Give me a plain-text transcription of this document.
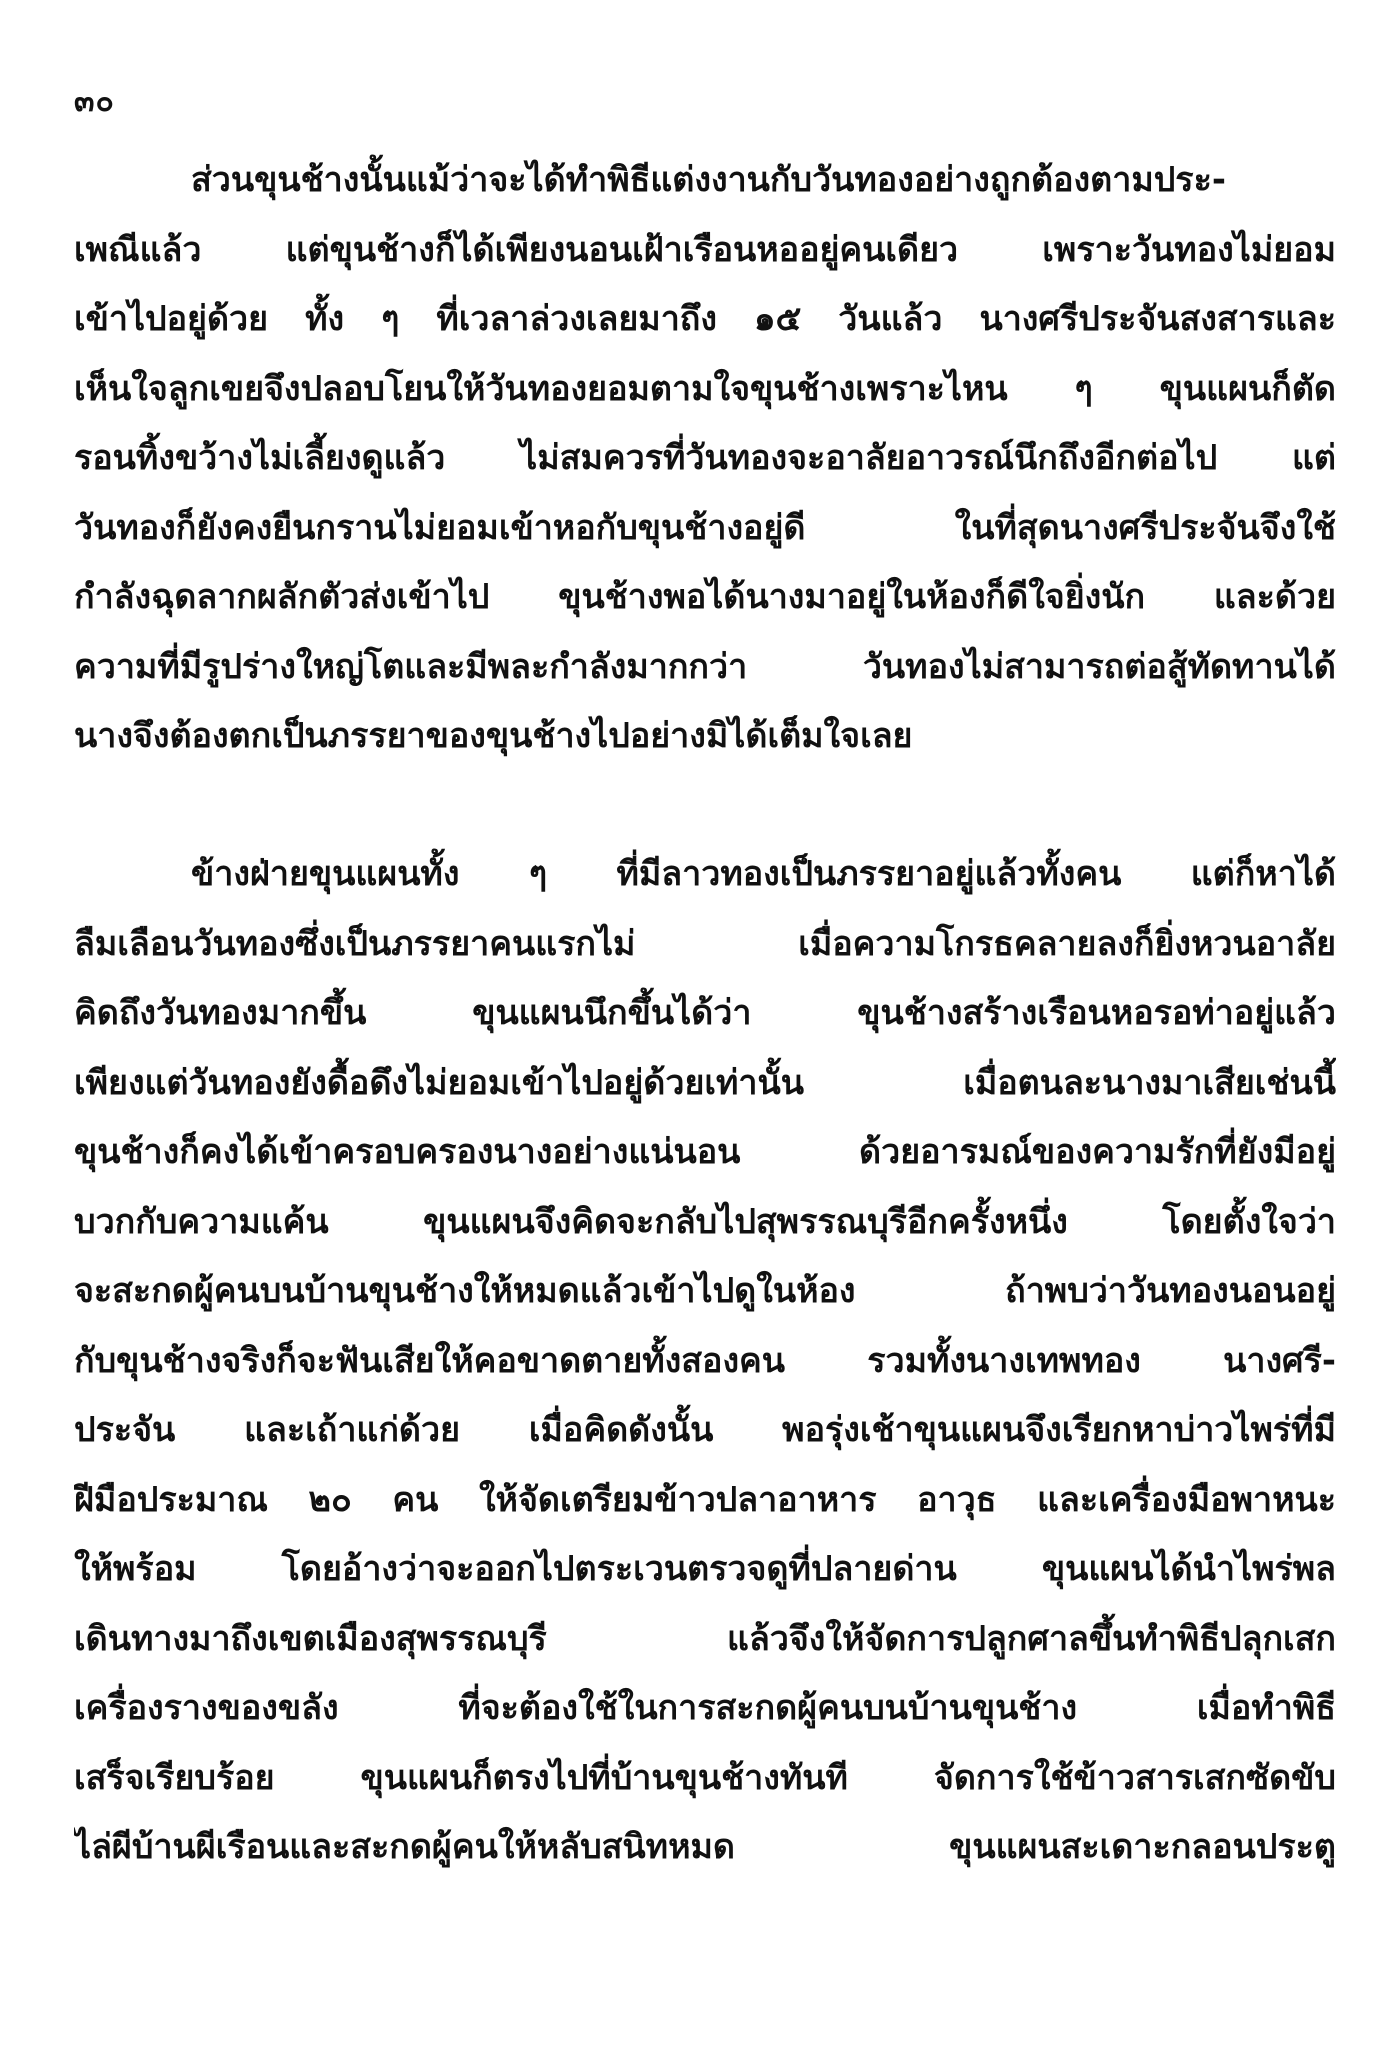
๓๐
ส่วนขุนช้างนั้นแม้ว่าจะได้ทำพิธีแต่งงานกับวันทองอย่างถูกต้องตามประ-
เพณีแล้ว แต่ขุนช้างก็ได้เพียงนอนเฝ้าเรือนหออยู่คนเดียว เพราะวันทองไม่ยอม
เข้าไปอยู่ด้วย ทั้ง ๆ ที่เวลาล่วงเลยมาถึง ๑๕ วันแล้ว นางศรีประจันสงสารและ
เห็นใจลูกเขยจึงปลอบโยนให้วันทองยอมตามใจขุนช้างเพราะไหน ๆ ขุนแผนก็ตัด
รอนทิ้งขว้างไม่เลี้ยงดูแล้ว ไม่สมควรที่วันทองจะอาลัยอาวรณ์นึกถึงอีกต่อไป แต่
วันทองก็ยังคงยืนกรานไม่ยอมเข้าหอกับขุนช้างอยู่ดี ในที่สุดนางศรีประจันจึงใช้
กำลังฉุดลากผลักตัวส่งเข้าไป ขุนช้างพอได้นางมาอยู่ในห้องก็ดีใจยิ่งนัก และด้วย
ความที่มีรูปร่างใหญ่โตและมีพละกำลังมากกว่า วันทองไม่สามารถต่อสู้ทัดทานได้
นางจึงต้องตกเป็นภรรยาของขุนช้างไปอย่างมิได้เต็มใจเลย
ข้างฝ่ายขุนแผนทั้ง ๆ ที่มีลาวทองเป็นภรรยาอยู่แล้วทั้งคน แต่ก็หาได้
ลืมเลือนวันทองซึ่งเป็นภรรยาคนแรกไม่ เมื่อความโกรธคลายลงก็ยิ่งหวนอาลัย
คิดถึงวันทองมากขึ้น ขุนแผนนึกขึ้นได้ว่า ขุนช้างสร้างเรือนหอรอท่าอยู่แล้ว
เพียงแต่วันทองยังดื้อดึงไม่ยอมเข้าไปอยู่ด้วยเท่านั้น เมื่อตนละนางมาเสียเช่นนี้
ขุนช้างก็คงได้เข้าครอบครองนางอย่างแน่นอน ด้วยอารมณ์ของความรักที่ยังมีอยู่
บวกกับความแค้น ขุนแผนจึงคิดจะกลับไปสุพรรณบุรีอีกครั้งหนึ่ง โดยตั้งใจว่า
จะสะกดผู้คนบนบ้านขุนช้างให้หมดแล้วเข้าไปดูในห้อง ถ้าพบว่าวันทองนอนอยู่
กับขุนช้างจริงก็จะฟันเสียให้คอขาดตายทั้งสองคน รวมทั้งนางเทพทอง นางศรี-
ประจัน และเถ้าแก่ด้วย เมื่อคิดดังนั้น พอรุ่งเช้าขุนแผนจึงเรียกหาบ่าวไพร่ที่มี
ฝีมือประมาณ ๒๐ คน ให้จัดเตรียมข้าวปลาอาหาร อาวุธ และเครื่องมือพาหนะ
ให้พร้อม โดยอ้างว่าจะออกไปตระเวนตรวจดูที่ปลายด่าน ขุนแผนได้นำไพร่พล
เดินทางมาถึงเขตเมืองสุพรรณบุรี แล้วจึงให้จัดการปลูกศาลขึ้นทำพิธีปลุกเสก
เครื่องรางของขลัง ที่จะต้องใช้ในการสะกดผู้คนบนบ้านขุนช้าง เมื่อทำพิธี
เสร็จเรียบร้อย ขุนแผนก็ตรงไปที่บ้านขุนช้างทันที จัดการใช้ข้าวสารเสกซัดขับ
ไล่ผีบ้านผีเรือนและสะกดผู้คนให้หลับสนิทหมด ขุนแผนสะเดาะกลอนประตู
